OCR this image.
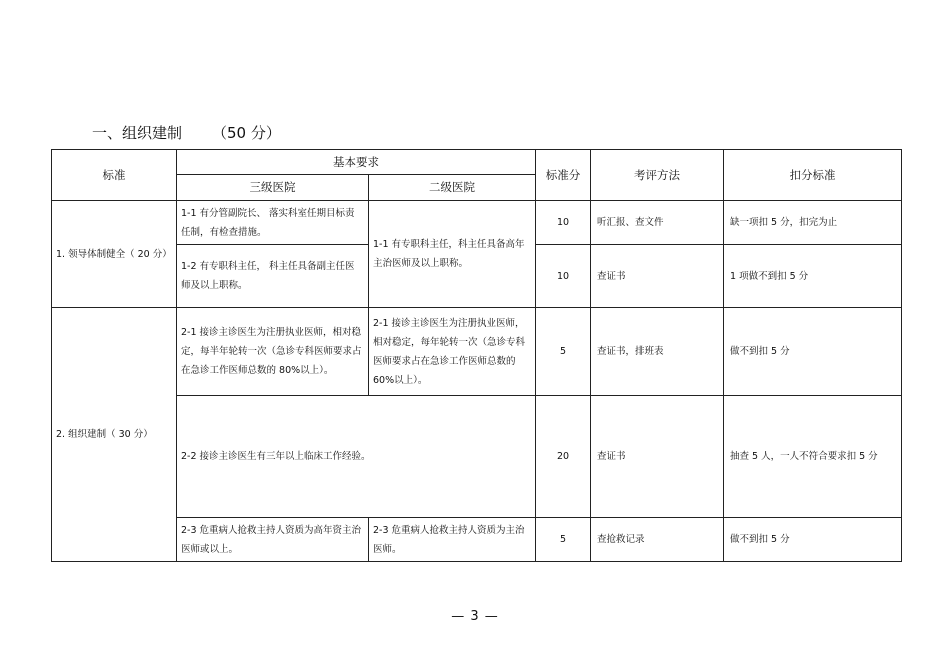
一、组织建制 （50 分）
标准	基本要求		标准分	考评方法	扣分标准
	三级医院	二级医院			
1. 领导体制健全（ 20 分）	1-1 有分管副院长、 落实科室任期目标责任制，有检查措施。	1-1 有专职科主任，科主任具备高年主治医师及以上职称。	10	听汇报、查文件	缺一项扣 5 分，扣完为止
	1-2 有专职科主任， 科主任具备副主任医师及以上职称。		10	查证书	1 项做不到扣 5 分
2. 组织建制（ 30 分）	2-1 接诊主诊医生为注册执业医师，相对稳定，每半年轮转一次（急诊专科医师要求占在急诊工作医师总数的 80%以上）。	2-1 接诊主诊医生为注册执业医师，相对稳定，每年轮转一次（急诊专科医师要求占在急诊工作医师总数的 60%以上）。	5	查证书，排班表	做不到扣 5 分
	2-2 接诊主诊医生有三年以上临床工作经验。		20	查证书	抽查 5 人，一人不符合要求扣 5 分
	2-3 危重病人抢救主持人资质为高年资主治医师或以上。	2-3 危重病人抢救主持人资质为主治医师。	5	查抢救记录	做不到扣 5 分
— 3 —
